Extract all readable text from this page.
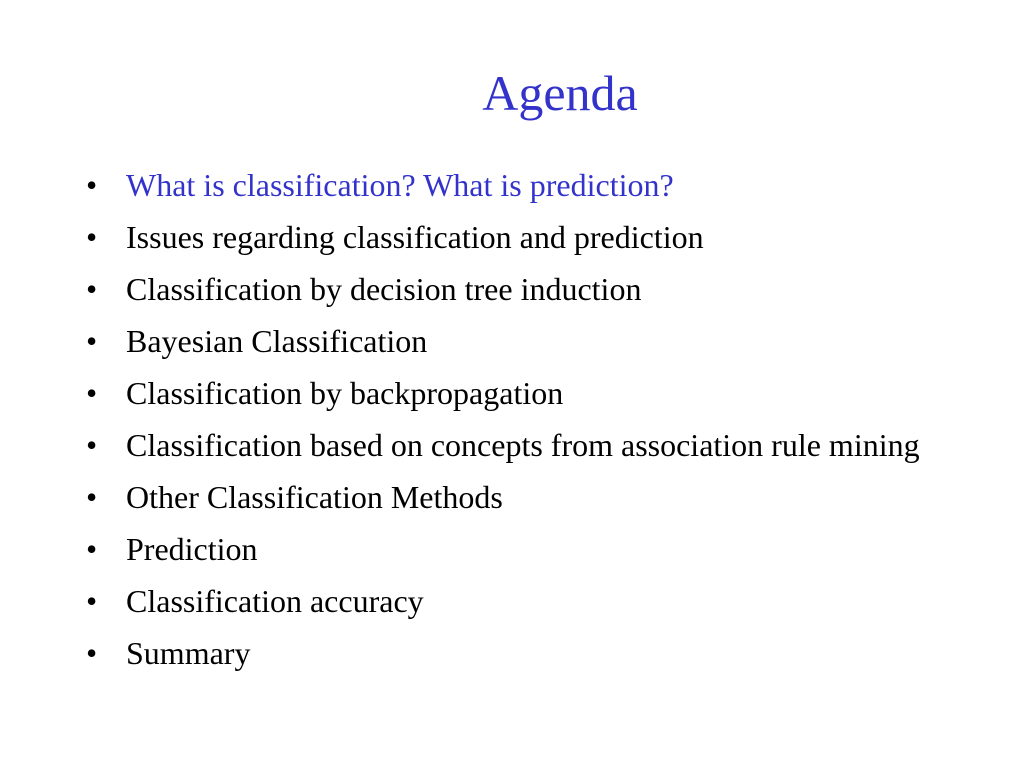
Agenda
• What is classification? What is prediction?
• Issues regarding classification and prediction
• Classification by decision tree induction
• Bayesian Classification
• Classification by backpropagation
• Classification based on concepts from association rule mining
• Other Classification Methods
• Prediction
• Classification accuracy
• Summary
